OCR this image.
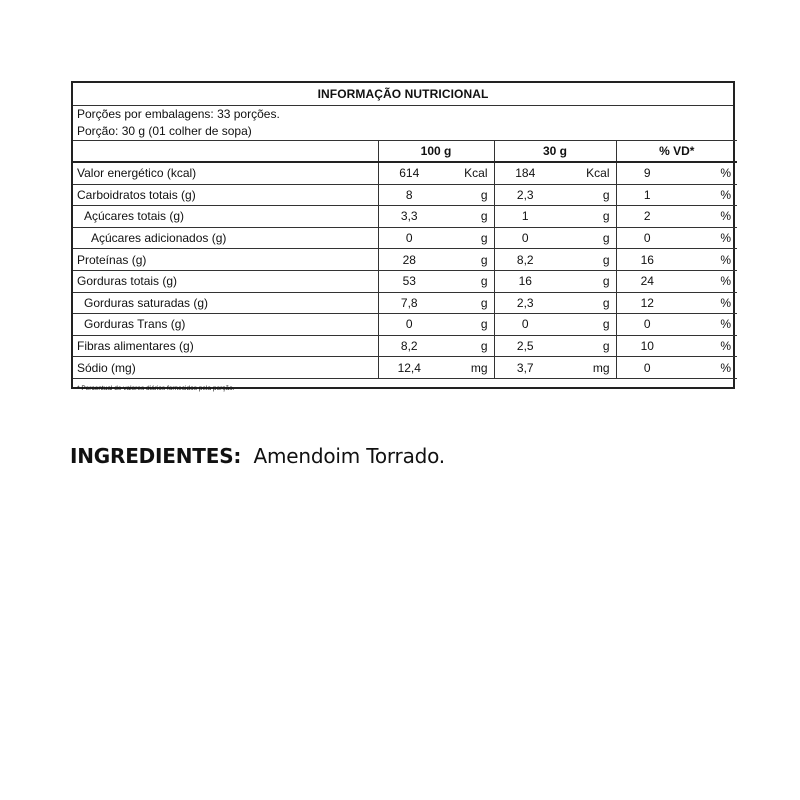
INFORMAÇÃO NUTRICIONAL
Porções por embalagens: 33 porções.
Porção: 30 g (01 colher de sopa)
	100 g		30 g		% VD*	
Valor energético (kcal)	614	Kcal	184	Kcal	9	%
Carboidratos totais (g)	8	g	2,3	g	1	%
Açúcares totais (g)	3,3	g	1	g	2	%
Açúcares adicionados (g)	0	g	0	g	0	%
Proteínas (g)	28	g	8,2	g	16	%
Gorduras totais (g)	53	g	16	g	24	%
Gorduras saturadas (g)	7,8	g	2,3	g	12	%
Gorduras Trans (g)	0	g	0	g	0	%
Fibras alimentares (g)	8,2	g	2,5	g	10	%
Sódio (mg)	12,4	mg	3,7	mg	0	%
* Percentual de valores diários fornecidos pela porção.
INGREDIENTES: Amendoim Torrado.
